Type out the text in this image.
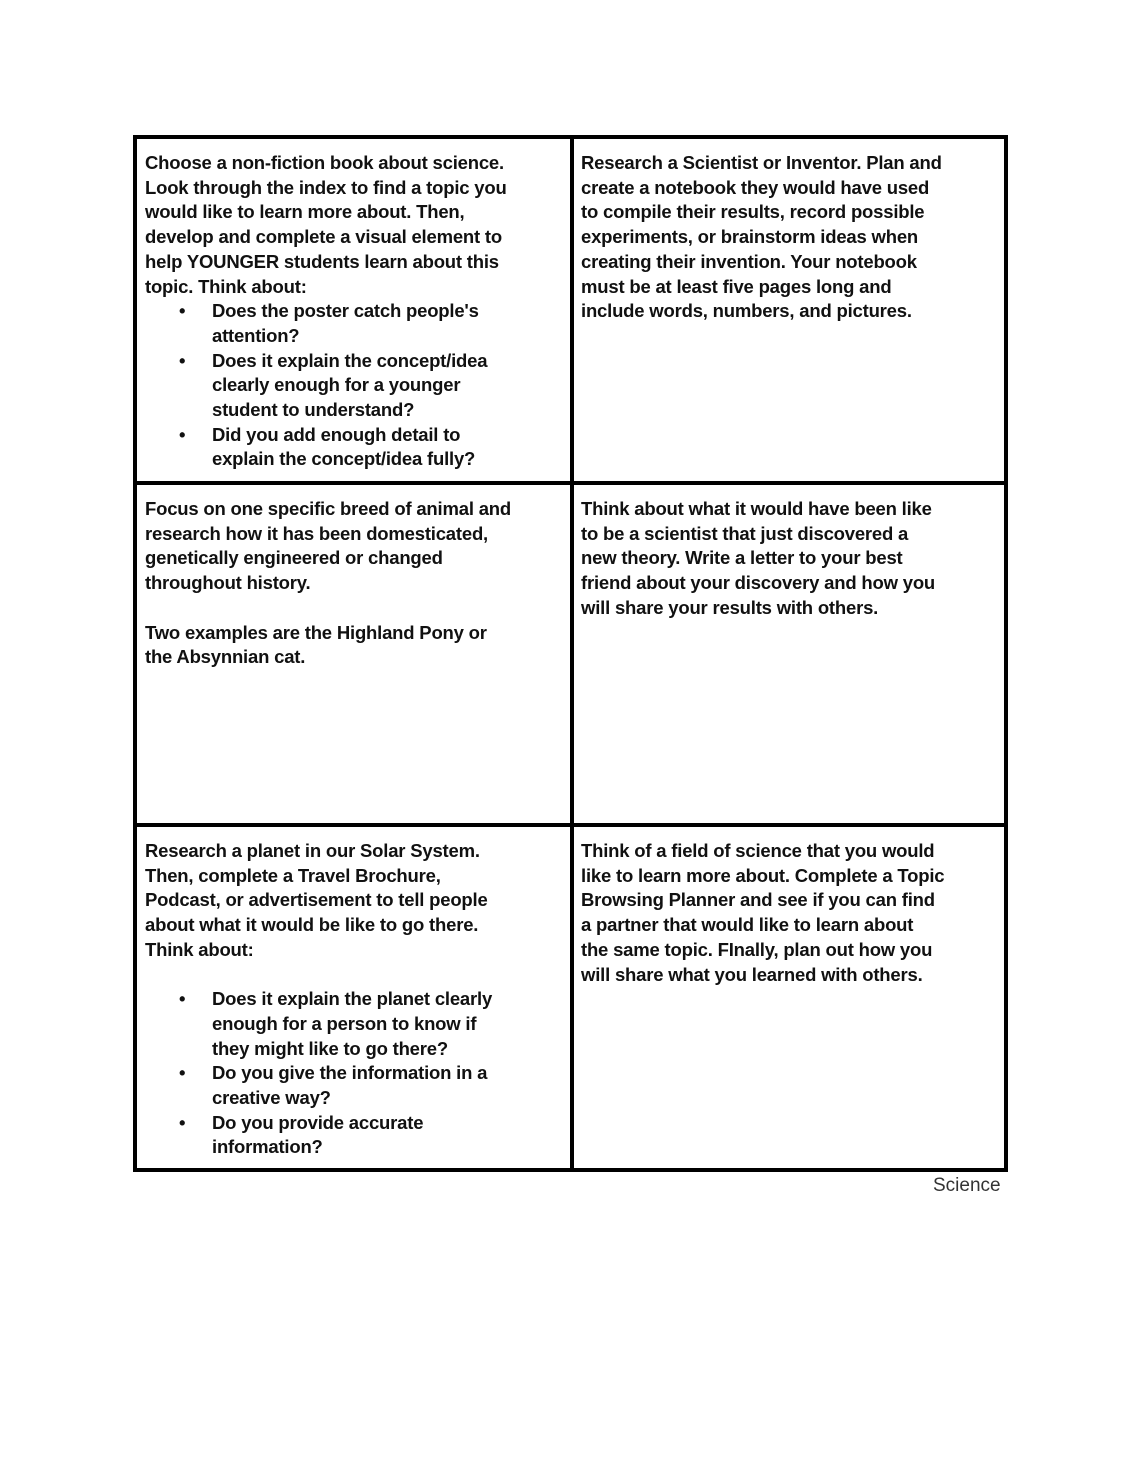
Choose a non-fiction book about science.
Look through the index to find a topic you
would like to learn more about. Then,
develop and complete a visual element to
help YOUNGER students learn about this
topic. Think about:
• Does the poster catch people's
attention?
• Does it explain the concept/idea
clearly enough for a younger
student to understand?
• Did you add enough detail to
explain the concept/idea fully?
Research a Scientist or Inventor. Plan and
create a notebook they would have used
to compile their results, record possible
experiments, or brainstorm ideas when
creating their invention. Your notebook
must be at least five pages long and
include words, numbers, and pictures.
Focus on one specific breed of animal and
research how it has been domesticated,
genetically engineered or changed
throughout history.
Two examples are the Highland Pony or
the Absynnian cat.
Think about what it would have been like
to be a scientist that just discovered a
new theory. Write a letter to your best
friend about your discovery and how you
will share your results with others.
Research a planet in our Solar System.
Then, complete a Travel Brochure,
Podcast, or advertisement to tell people
about what it would be like to go there.
Think about:
• Does it explain the planet clearly
enough for a person to know if
they might like to go there?
• Do you give the information in a
creative way?
• Do you provide accurate
information?
Think of a field of science that you would
like to learn more about. Complete a Topic
Browsing Planner and see if you can find
a partner that would like to learn about
the same topic. FInally, plan out how you
will share what you learned with others.
Science
